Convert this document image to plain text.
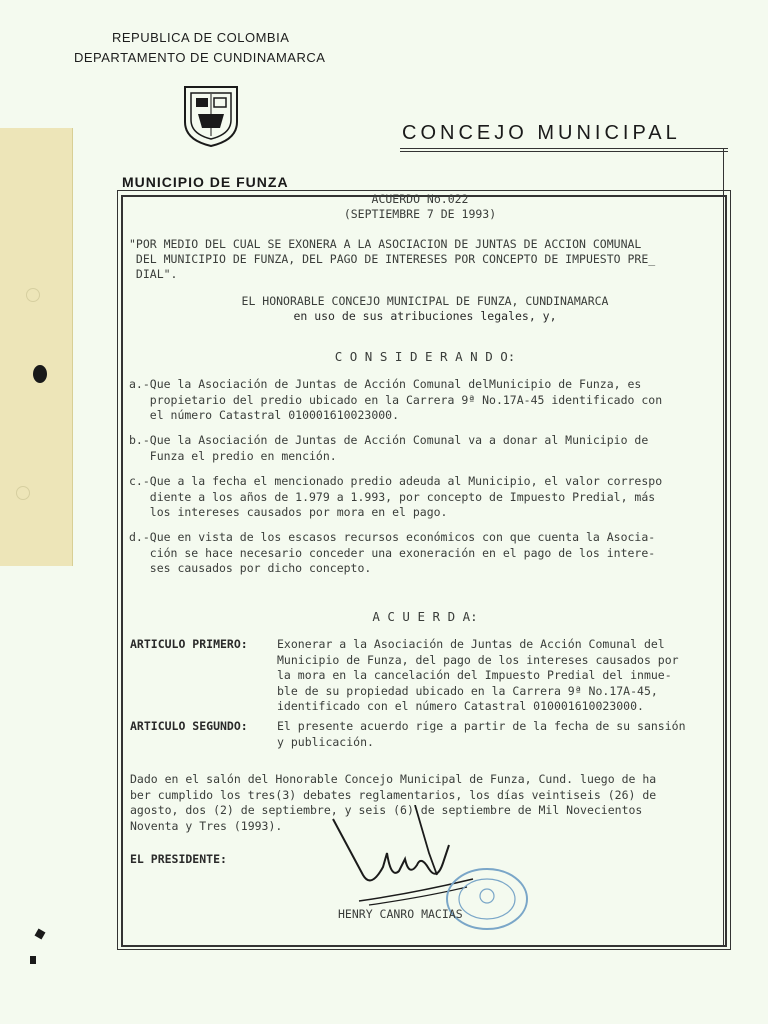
REPUBLICA DE COLOMBIA
DEPARTAMENTO DE CUNDINAMARCA
CONCEJO MUNICIPAL
MUNICIPIO DE FUNZA
ACUERDO No.022
(SEPTIEMBRE 7 DE 1993)
"POR MEDIO DEL CUAL SE EXONERA A LA ASOCIACION DE JUNTAS DE ACCION COMUNAL
DEL MUNICIPIO DE FUNZA, DEL PAGO DE INTERESES POR CONCEPTO DE IMPUESTO PRE_
DIAL".
EL HONORABLE CONCEJO MUNICIPAL DE FUNZA, CUNDINAMARCA
en uso de sus atribuciones legales, y,
C O N S I D E R A N D O:
a.-Que la Asociación de Juntas de Acción Comunal delMunicipio de Funza, es
propietario del predio ubicado en la Carrera 9ª No.17A-45 identificado con
el número Catastral 010001610023000.
b.-Que la Asociación de Juntas de Acción Comunal va a donar al Municipio de
Funza el predio en mención.
c.-Que a la fecha el mencionado predio adeuda al Municipio, el valor correspo
diente a los años de 1.979 a 1.993, por concepto de Impuesto Predial, más
los intereses causados por mora en el pago.
d.-Que en vista de los escasos recursos económicos con que cuenta la Asocia-
ción se hace necesario conceder una exoneración en el pago de los intere-
ses causados por dicho concepto.
A C U E R D A:
ARTICULO PRIMERO:	Exonerar a la Asociación de Juntas de Acción Comunal del
Municipio de Funza, del pago de los intereses causados por
la mora en la cancelación del Impuesto Predial del inmue-
ble de su propiedad ubicado en la Carrera 9ª No.17A-45,
identificado con el número Catastral 010001610023000.
ARTICULO SEGUNDO:	El presente acuerdo rige a partir de la fecha de su sansión
y publicación.
Dado en el salón del Honorable Concejo Municipal de Funza, Cund. luego de ha
ber cumplido los tres(3) debates reglamentarios, los días veintiseis (26) de
agosto, dos (2) de septiembre, y seis (6) de septiembre de Mil Novecientos
Noventa y Tres (1993).
EL PRESIDENTE:
HENRY CANRO MACIAS
